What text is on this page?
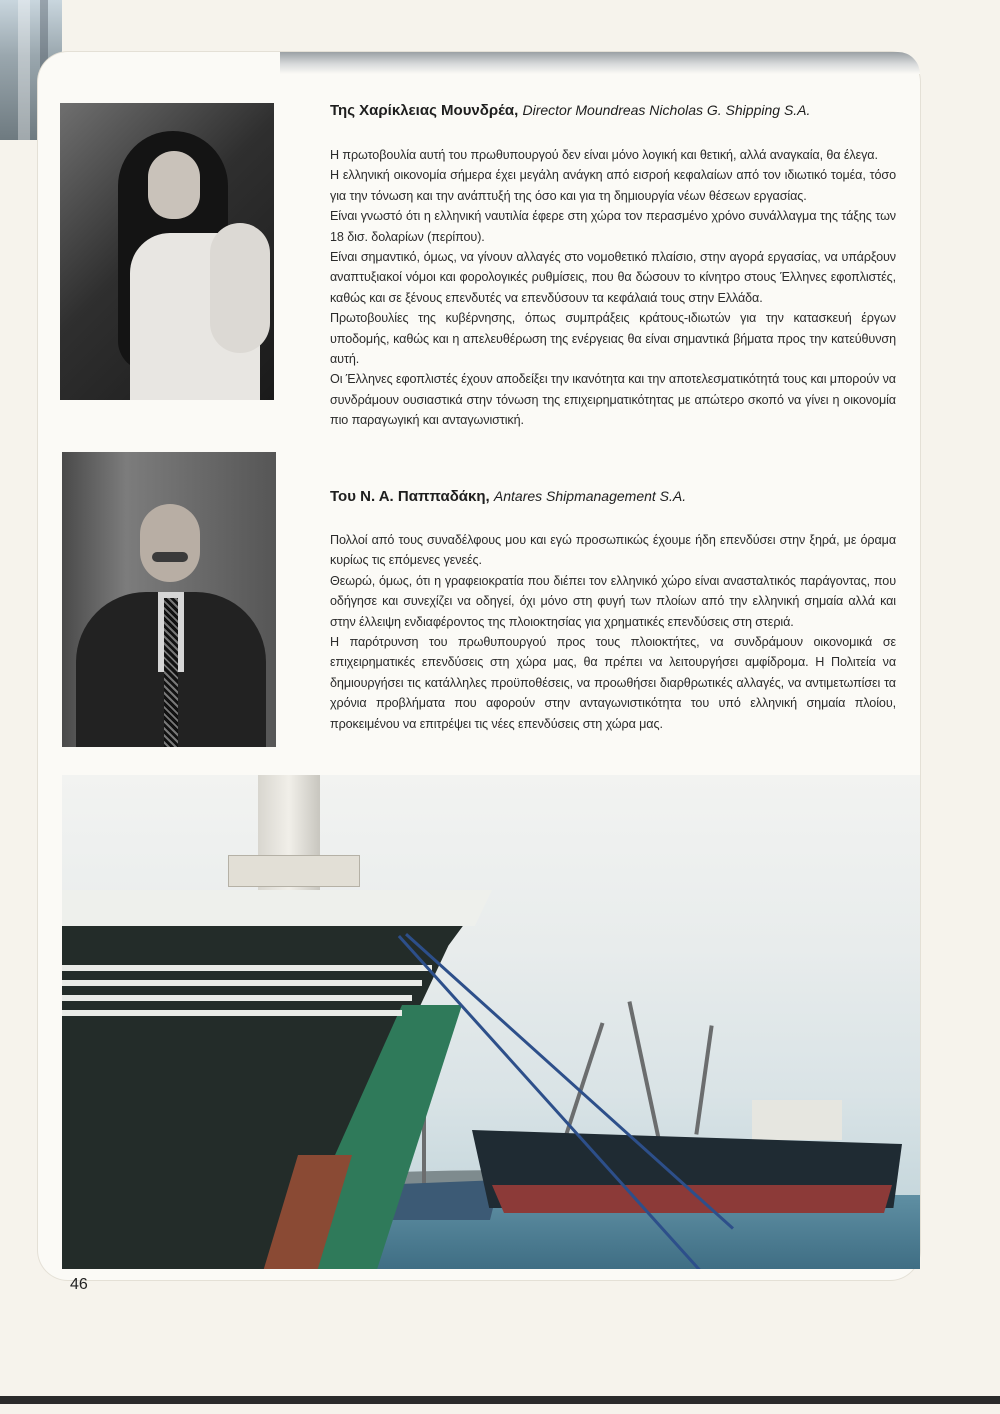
Της Χαρίκλειας Μουνδρέα, Director Moundreas Nicholas G. Shipping S.A.

Η πρωτοβουλία αυτή του πρωθυπουργού δεν είναι μόνο λογική και θετική, αλλά αναγκαία, θα έλεγα.

Η ελληνική οικονομία σήμερα έχει μεγάλη ανάγκη από εισροή κεφαλαίων από τον ιδιωτικό τομέα, τόσο για την τόνωση και την ανάπτυξή της όσο και για τη δημιουργία νέων θέσεων εργασίας.

Είναι γνωστό ότι η ελληνική ναυτιλία έφερε στη χώρα τον περασμένο χρόνο συνάλλαγμα της τάξης των 18 δισ. δολαρίων (περίπου).

Είναι σημαντικό, όμως, να γίνουν αλλαγές στο νομοθετικό πλαίσιο, στην αγορά εργασίας, να υπάρξουν αναπτυξιακοί νόμοι και φορολογικές ρυθμίσεις, που θα δώσουν το κίνητρο στους Έλληνες εφοπλιστές, καθώς και σε ξένους επενδυτές να επενδύσουν τα κεφάλαιά τους στην Ελλάδα.

Πρωτοβουλίες της κυβέρνησης, όπως συμπράξεις κράτους-ιδιωτών για την κατασκευή έργων υποδομής, καθώς και η απελευθέρωση της ενέργειας θα είναι σημαντικά βήματα προς την κατεύθυνση αυτή.

Οι Έλληνες εφοπλιστές έχουν αποδείξει την ικανότητα και την αποτελεσματικότητά τους και μπορούν να συνδράμουν ουσιαστικά στην τόνωση της επιχειρηματικότητας με απώτερο σκοπό να γίνει η οικονομία πιο παραγωγική και ανταγωνιστική.

Του Ν. Α. Παππαδάκη, Antares Shipmanagement S.A.

Πολλοί από τους συναδέλφους μου και εγώ προσωπικώς έχουμε ήδη επενδύσει στην ξηρά, με όραμα κυρίως τις επόμενες γενεές.

Θεωρώ, όμως, ότι η γραφειοκρατία που διέπει τον ελληνικό χώρο είναι ανασταλτικός παράγοντας, που οδήγησε και συνεχίζει να οδηγεί, όχι μόνο στη φυγή των πλοίων από την ελληνική σημαία αλλά και στην έλλειψη ενδιαφέροντος της πλοιοκτησίας για χρηματικές επενδύσεις στη στεριά.

Η παρότρυνση του πρωθυπουργού προς τους πλοιοκτήτες, να συνδράμουν οικονομικά σε επιχειρηματικές επενδύσεις στη χώρα μας, θα πρέπει να λειτουργήσει αμφίδρομα. Η Πολιτεία να δημιουργήσει τις κατάλληλες προϋποθέσεις, να προωθήσει διαρθρωτικές αλλαγές, να αντιμετωπίσει τα χρόνια προβλήματα που αφορούν στην ανταγωνιστικότητα του υπό ελληνική σημαία πλοίου, προκειμένου να επιτρέψει τις νέες επενδύσεις στη χώρα μας.

46
